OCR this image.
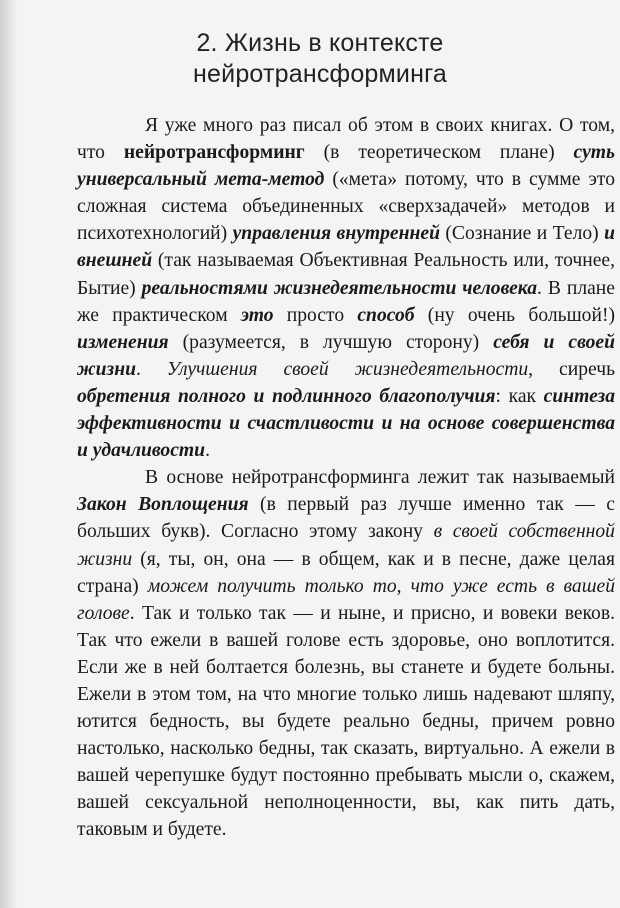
2. Жизнь в контексте
нейротрансформинга

Я уже много раз писал об этом в своих книгах. О том, что нейротрансформинг (в теоретическом плане) суть универсальный мета-метод («мета» потому, что в сумме это сложная система объединенных «сверхзадачей» методов и психотехнологий) управления внутренней (Сознание и Тело) и внешней (так называемая Объективная Реальность или, точнее, Бытие) реальностями жизнедеятельности человека. В плане же практическом это просто способ (ну очень большой!) изменения (разумеется, в лучшую сторону) себя и своей жизни. Улучшения своей жизнедеятельности, сиречь обретения полного и подлинного благополучия: как синтеза эффективности и счастливости и на основе совершенства и удачливости.

В основе нейротрансформинга лежит так называемый Закон Воплощения (в первый раз лучше именно так — с больших букв). Согласно этому закону в своей собственной жизни (я, ты, он, она — в общем, как и в песне, даже целая страна) можем получить только то, что уже есть в вашей голове. Так и только так — и ныне, и присно, и вовеки веков. Так что ежели в вашей голове есть здоровье, оно воплотится. Если же в ней болтается болезнь, вы станете и будете больны. Ежели в этом том, на что многие только лишь надевают шляпу, ютится бедность, вы будете реально бедны, причем ровно настолько, насколько бедны, так сказать, виртуально. А ежели в вашей черепушке будут постоянно пребывать мысли о, скажем, вашей сексуальной неполноценности, вы, как пить дать, таковым и будете.
